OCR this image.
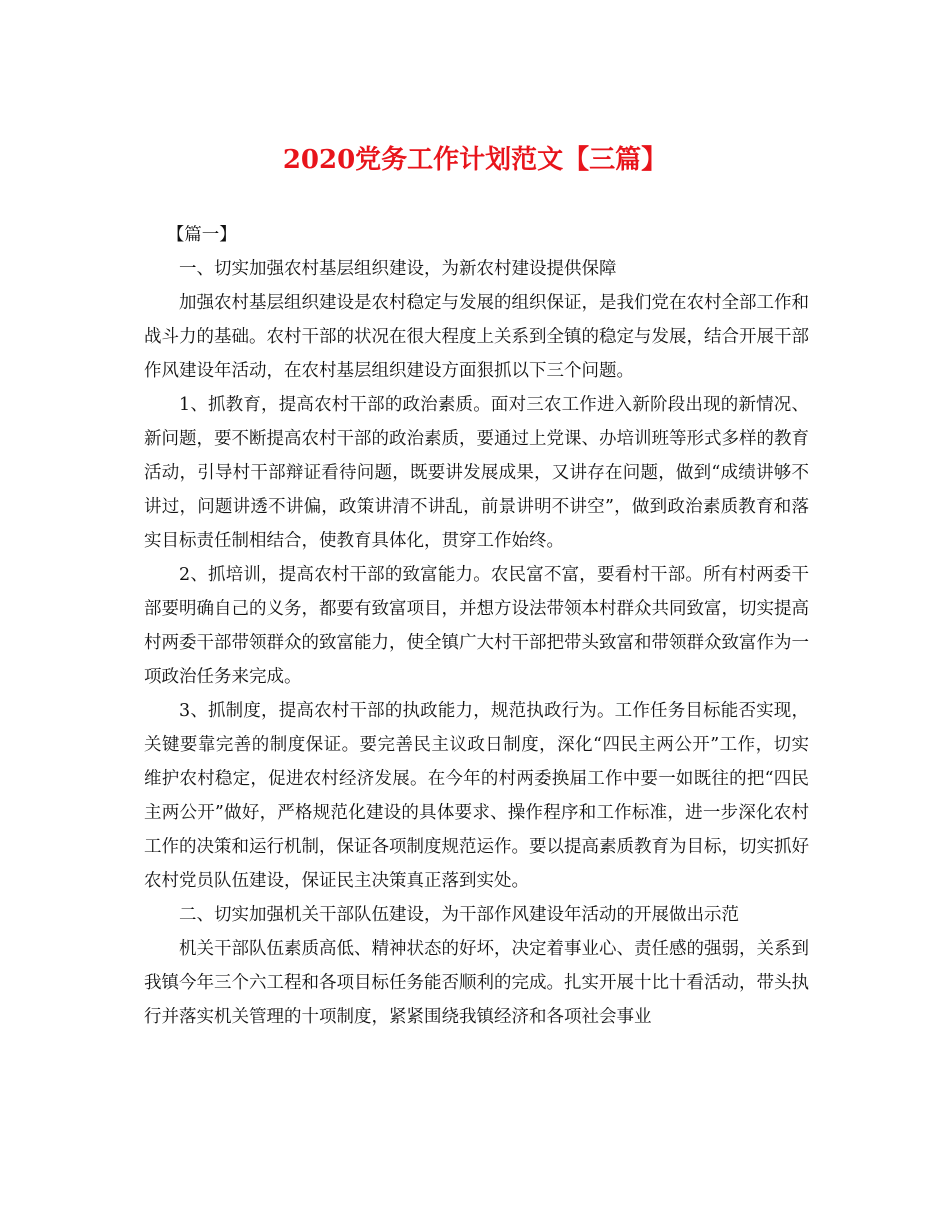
2020党务工作计划范文【三篇】

【篇一】

一、切实加强农村基层组织建设，为新农村建设提供保障

加强农村基层组织建设是农村稳定与发展的组织保证，是我们党在农村全部工作和战斗力的基础。农村干部的状况在很大程度上关系到全镇的稳定与发展，结合开展干部作风建设年活动，在农村基层组织建设方面狠抓以下三个问题。

1、抓教育，提高农村干部的政治素质。面对三农工作进入新阶段出现的新情况、新问题，要不断提高农村干部的政治素质，要通过上党课、办培训班等形式多样的教育活动，引导村干部辩证看待问题，既要讲发展成果，又讲存在问题，做到“成绩讲够不讲过，问题讲透不讲偏，政策讲清不讲乱，前景讲明不讲空”，做到政治素质教育和落实目标责任制相结合，使教育具体化，贯穿工作始终。

2、抓培训，提高农村干部的致富能力。农民富不富，要看村干部。所有村两委干部要明确自己的义务，都要有致富项目，并想方设法带领本村群众共同致富，切实提高村两委干部带领群众的致富能力，使全镇广大村干部把带头致富和带领群众致富作为一项政治任务来完成。

3、抓制度，提高农村干部的执政能力，规范执政行为。工作任务目标能否实现，关键要靠完善的制度保证。要完善民主议政日制度，深化“四民主两公开”工作，切实维护农村稳定，促进农村经济发展。在今年的村两委换届工作中要一如既往的把“四民主两公开”做好，严格规范化建设的具体要求、操作程序和工作标准，进一步深化农村工作的决策和运行机制，保证各项制度规范运作。要以提高素质教育为目标，切实抓好农村党员队伍建设，保证民主决策真正落到实处。

二、切实加强机关干部队伍建设，为干部作风建设年活动的开展做出示范

机关干部队伍素质高低、精神状态的好坏，决定着事业心、责任感的强弱，关系到我镇今年三个六工程和各项目标任务能否顺利的完成。扎实开展十比十看活动，带头执行并落实机关管理的十项制度，紧紧围绕我镇经济和各项社会事业
